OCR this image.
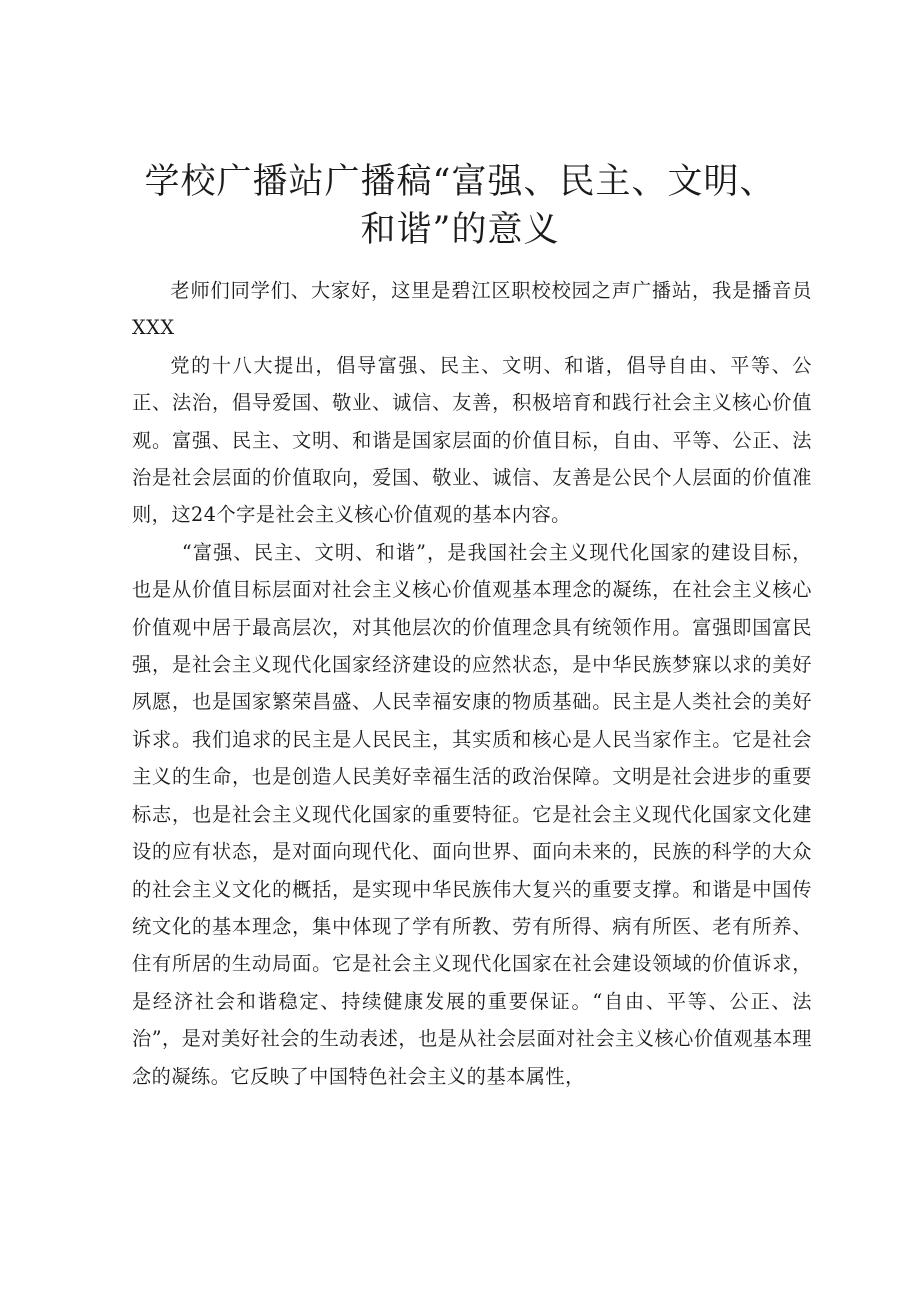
学校广播站广播稿“富强、民主、文明、
和谐”的意义

老师们同学们、大家好，这里是碧江区职校校园之声广播站，我是播音员XXX

党的十八大提出，倡导富强、民主、文明、和谐，倡导自由、平等、公正、法治，倡导爱国、敬业、诚信、友善，积极培育和践行社会主义核心价值观。富强、民主、文明、和谐是国家层面的价值目标，自由、平等、公正、法治是社会层面的价值取向，爱国、敬业、诚信、友善是公民个人层面的价值准则，这24个字是社会主义核心价值观的基本内容。

“富强、民主、文明、和谐”，是我国社会主义现代化国家的建设目标，也是从价值目标层面对社会主义核心价值观基本理念的凝练，在社会主义核心价值观中居于最高层次，对其他层次的价值理念具有统领作用。富强即国富民强，是社会主义现代化国家经济建设的应然状态，是中华民族梦寐以求的美好夙愿，也是国家繁荣昌盛、人民幸福安康的物质基础。民主是人类社会的美好诉求。我们追求的民主是人民民主，其实质和核心是人民当家作主。它是社会主义的生命，也是创造人民美好幸福生活的政治保障。文明是社会进步的重要标志，也是社会主义现代化国家的重要特征。它是社会主义现代化国家文化建设的应有状态，是对面向现代化、面向世界、面向未来的，民族的科学的大众的社会主义文化的概括，是实现中华民族伟大复兴的重要支撑。和谐是中国传统文化的基本理念，集中体现了学有所教、劳有所得、病有所医、老有所养、住有所居的生动局面。它是社会主义现代化国家在社会建设领域的价值诉求，是经济社会和谐稳定、持续健康发展的重要保证。“自由、平等、公正、法治”，是对美好社会的生动表述，也是从社会层面对社会主义核心价值观基本理念的凝练。它反映了中国特色社会主义的基本属性，
